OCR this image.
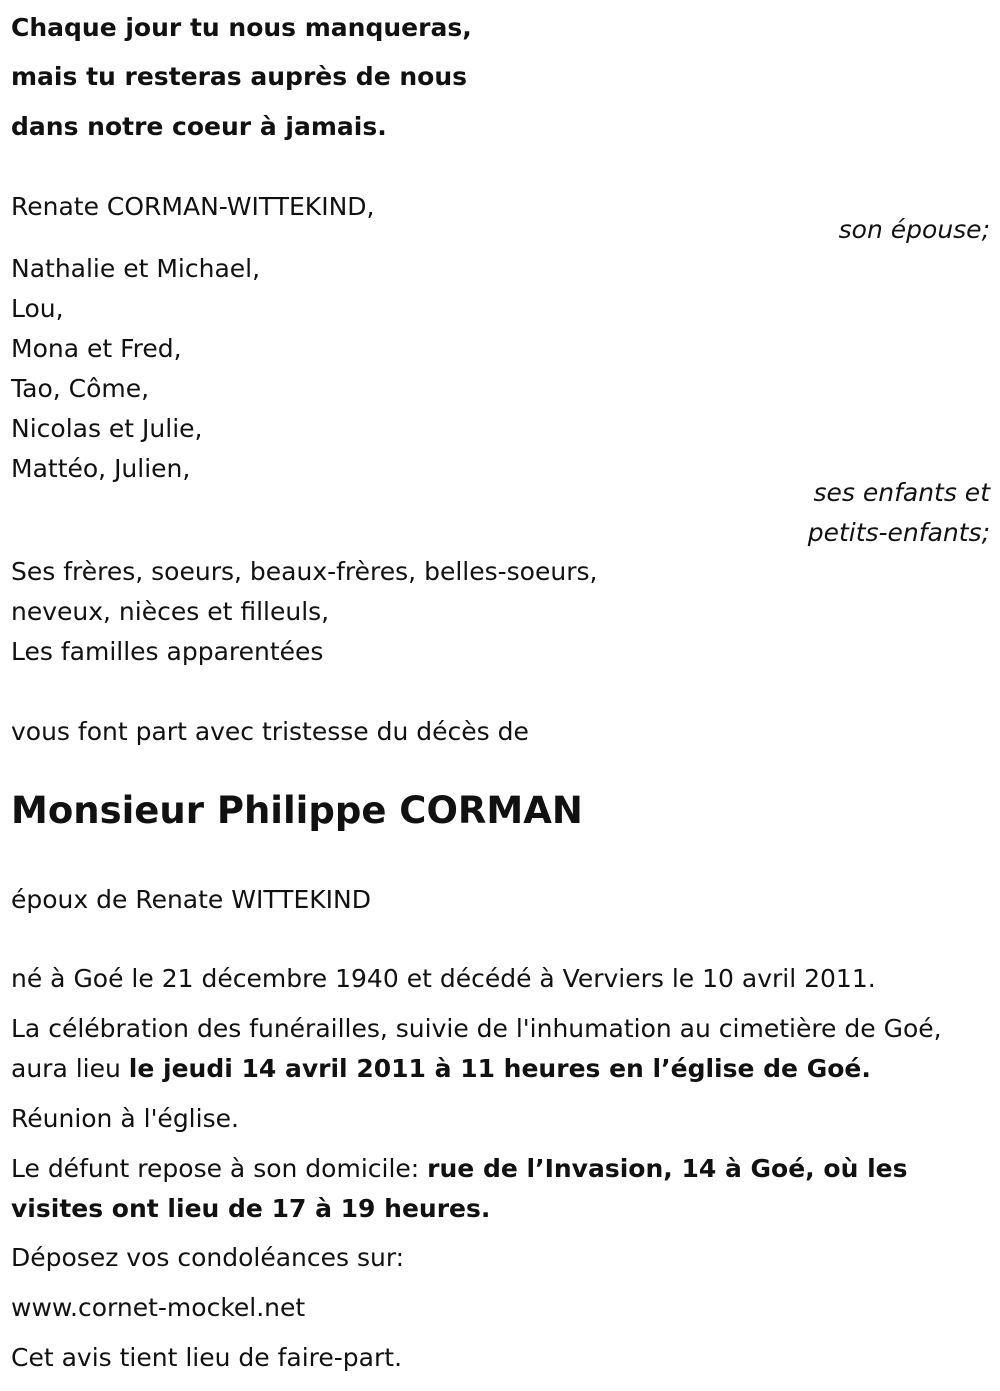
Chaque jour tu nous manqueras,
mais tu resteras auprès de nous
dans notre coeur à jamais.
Renate CORMAN-WITTEKIND,
son épouse;
Nathalie et Michael,
Lou,
Mona et Fred,
Tao, Côme,
Nicolas et Julie,
Mattéo, Julien,
ses enfants et
petits-enfants;
Ses frères, soeurs, beaux-frères, belles-soeurs,
neveux, nièces et filleuls,
Les familles apparentées
vous font part avec tristesse du décès de
Monsieur Philippe CORMAN
époux de Renate WITTEKIND
né à Goé le 21 décembre 1940 et décédé à Verviers le 10 avril 2011.
La célébration des funérailles, suivie de l'inhumation au cimetière de Goé,
aura lieu le jeudi 14 avril 2011 à 11 heures en l’église de Goé.
Réunion à l'église.
Le défunt repose à son domicile: rue de l’Invasion, 14 à Goé, où les
visites ont lieu de 17 à 19 heures.
Déposez vos condoléances sur:
www.cornet-mockel.net
Cet avis tient lieu de faire-part.
